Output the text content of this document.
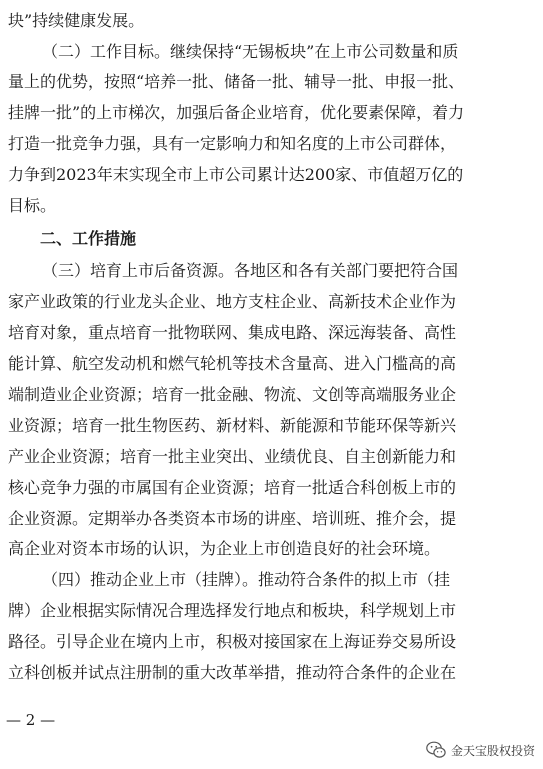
块”持续健康发展。
（二）工作目标。继续保持“无锡板块”在上市公司数量和质
量上的优势，按照“培养一批、储备一批、辅导一批、申报一批、
挂牌一批”的上市梯次，加强后备企业培育，优化要素保障，着力
打造一批竞争力强，具有一定影响力和知名度的上市公司群体，
力争到2023年末实现全市上市公司累计达200家、市值超万亿的
目标。
二、工作措施
（三）培育上市后备资源。各地区和各有关部门要把符合国
家产业政策的行业龙头企业、地方支柱企业、高新技术企业作为
培育对象，重点培育一批物联网、集成电路、深远海装备、高性
能计算、航空发动机和燃气轮机等技术含量高、进入门槛高的高
端制造业企业资源；培育一批金融、物流、文创等高端服务业企
业资源；培育一批生物医药、新材料、新能源和节能环保等新兴
产业企业资源；培育一批主业突出、业绩优良、自主创新能力和
核心竞争力强的市属国有企业资源；培育一批适合科创板上市的
企业资源。定期举办各类资本市场的讲座、培训班、推介会，提
高企业对资本市场的认识，为企业上市创造良好的社会环境。
（四）推动企业上市（挂牌）。推动符合条件的拟上市（挂
牌）企业根据实际情况合理选择发行地点和板块，科学规划上市
路径。引导企业在境内上市，积极对接国家在上海证券交易所设
立科创板并试点注册制的重大改革举措，推动符合条件的企业在
— 2 —
金天宝股权投资
